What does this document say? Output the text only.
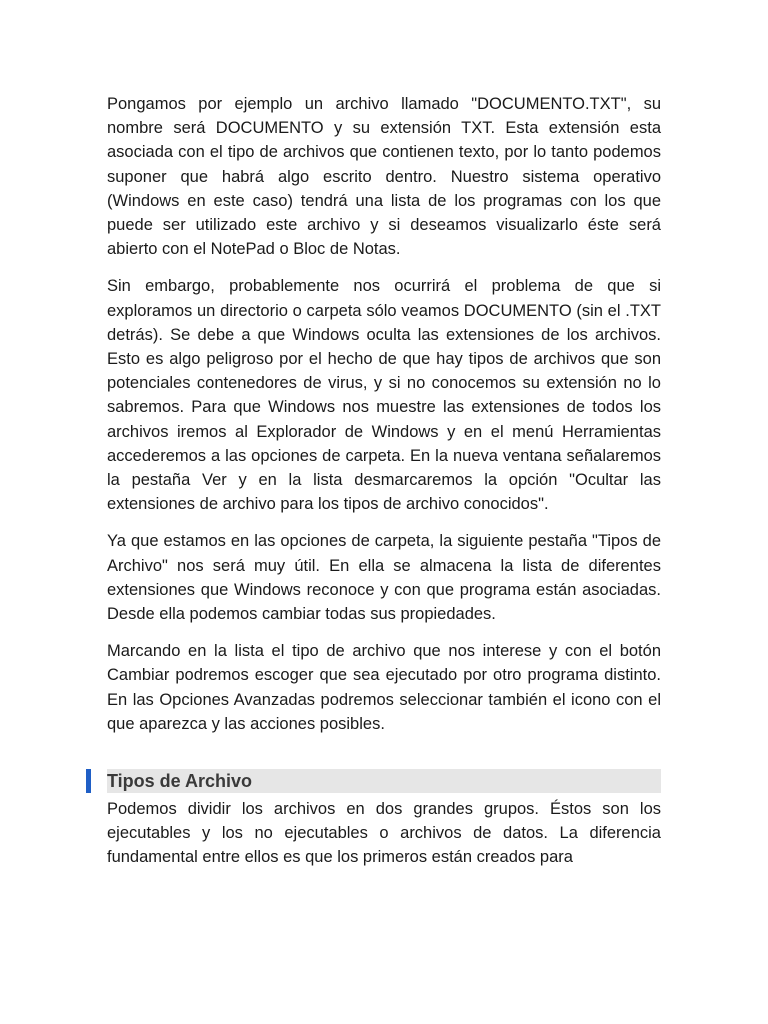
Pongamos por ejemplo un archivo llamado "DOCUMENTO.TXT", su nombre será DOCUMENTO y su extensión TXT. Esta extensión esta asociada con el tipo de archivos que contienen texto, por lo tanto podemos suponer que habrá algo escrito dentro. Nuestro sistema operativo (Windows en este caso) tendrá una lista de los programas con los que puede ser utilizado este archivo y si deseamos visualizarlo éste será abierto con el NotePad o Bloc de Notas.

Sin embargo, probablemente nos ocurrirá el problema de que si exploramos un directorio o carpeta sólo veamos DOCUMENTO (sin el .TXT detrás). Se debe a que Windows oculta las extensiones de los archivos. Esto es algo peligroso por el hecho de que hay tipos de archivos que son potenciales contenedores de virus, y si no conocemos su extensión no lo sabremos. Para que Windows nos muestre las extensiones de todos los archivos iremos al Explorador de Windows y en el menú Herramientas accederemos a las opciones de carpeta. En la nueva ventana señalaremos la pestaña Ver y en la lista desmarcaremos la opción "Ocultar las extensiones de archivo para los tipos de archivo conocidos".

Ya que estamos en las opciones de carpeta, la siguiente pestaña "Tipos de Archivo" nos será muy útil. En ella se almacena la lista de diferentes extensiones que Windows reconoce y con que programa están asociadas. Desde ella podemos cambiar todas sus propiedades.

Marcando en la lista el tipo de archivo que nos interese y con el botón Cambiar podremos escoger que sea ejecutado por otro programa distinto. En las Opciones Avanzadas podremos seleccionar también el icono con el que aparezca y las acciones posibles.

Tipos de Archivo

Podemos dividir los archivos en dos grandes grupos. Éstos son los ejecutables y los no ejecutables o archivos de datos. La diferencia fundamental entre ellos es que los primeros están creados para
